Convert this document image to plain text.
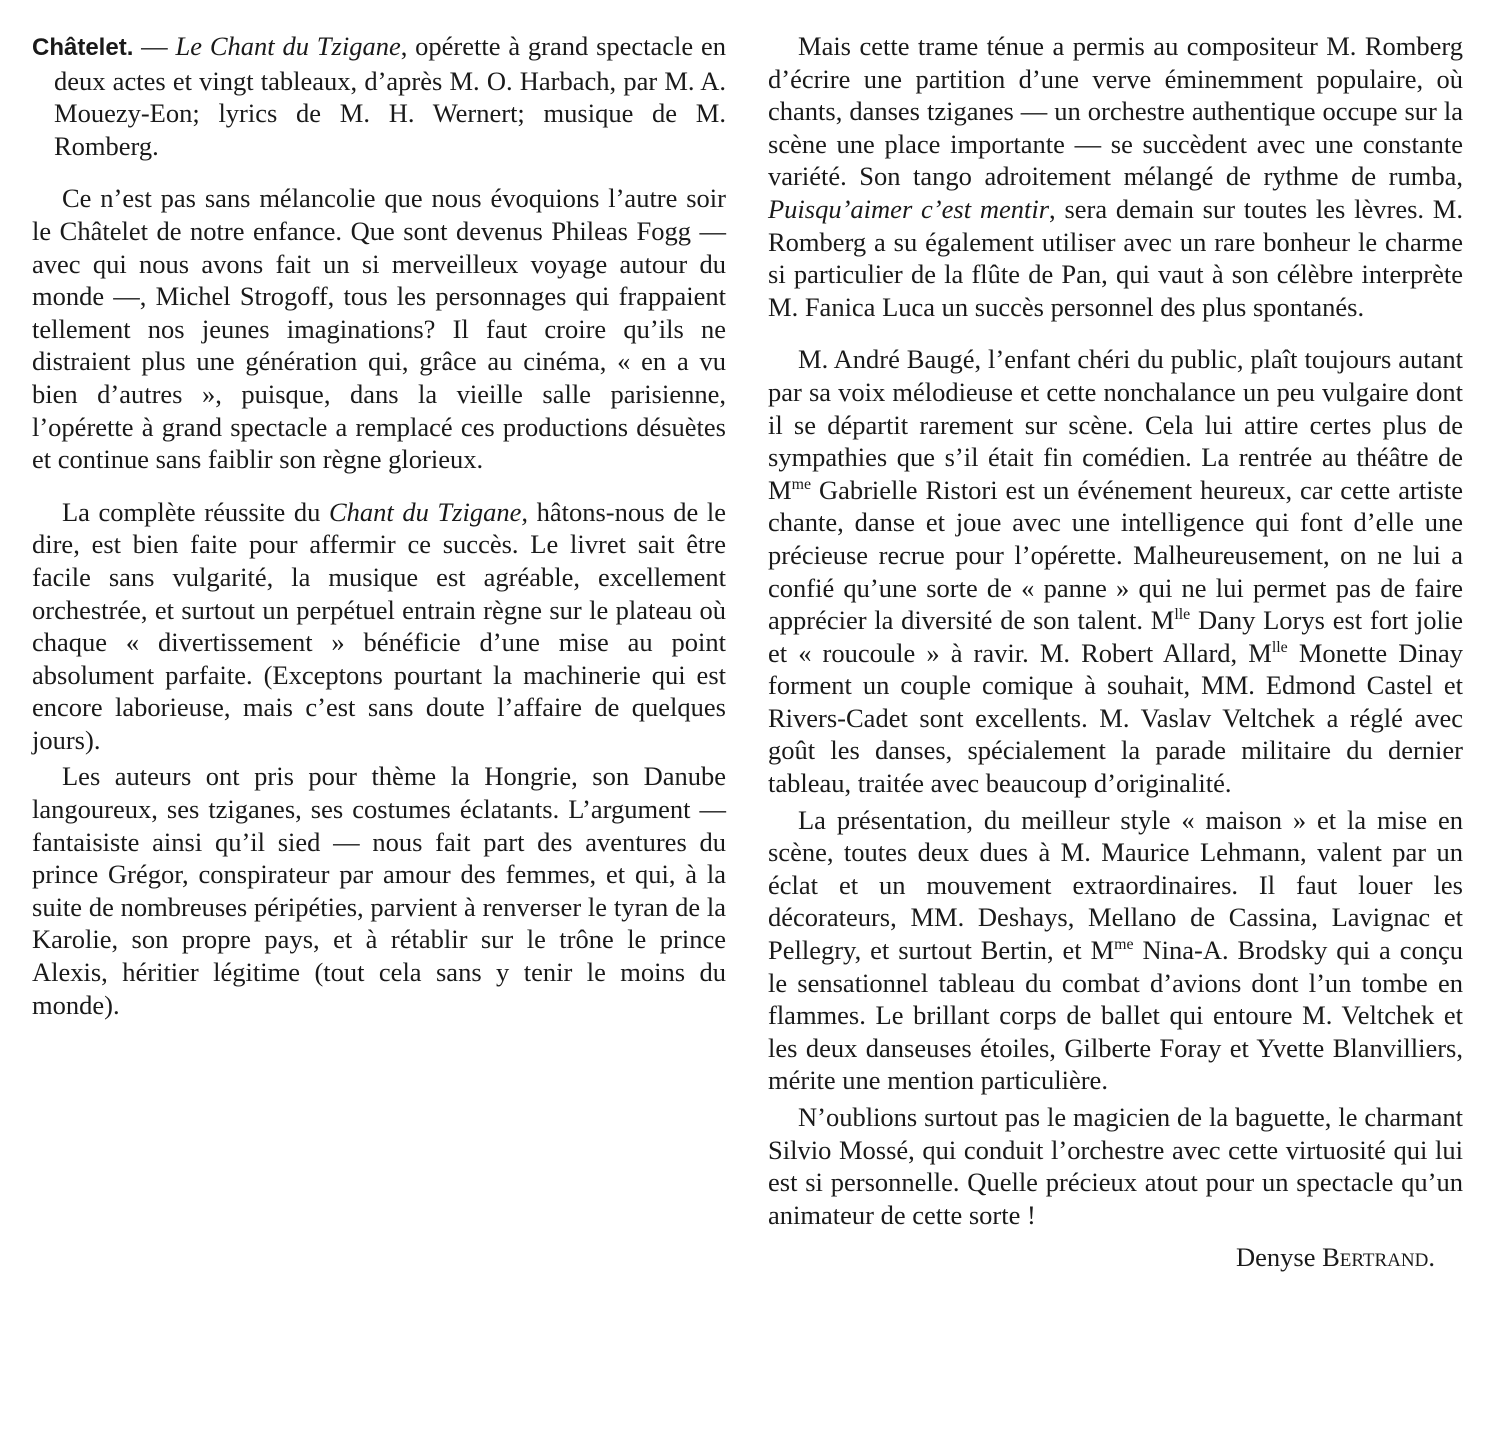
Châtelet. — Le Chant du Tzigane, opérette à grand spectacle en deux actes et vingt tableaux, d’après M. O. Harbach, par M. A. Mouezy-Eon; lyrics de M. H. Wernert; musique de M. Romberg.

Ce n’est pas sans mélancolie que nous évoquions l’autre soir le Châtelet de notre enfance. Que sont devenus Phileas Fogg — avec qui nous avons fait un si merveilleux voyage autour du monde —, Michel Strogoff, tous les personnages qui frappaient tellement nos jeunes imaginations? Il faut croire qu’ils ne distraient plus une génération qui, grâce au cinéma, « en a vu bien d’autres », puisque, dans la vieille salle parisienne, l’opérette à grand spectacle a remplacé ces productions désuètes et continue sans faiblir son règne glorieux.

La complète réussite du Chant du Tzigane, hâtons-nous de le dire, est bien faite pour affermir ce succès. Le livret sait être facile sans vulgarité, la musique est agréable, excellement orchestrée, et surtout un perpétuel entrain règne sur le plateau où chaque « divertissement » bénéficie d’une mise au point absolument parfaite. (Exceptons pourtant la machinerie qui est encore laborieuse, mais c’est sans doute l’affaire de quelques jours).

Les auteurs ont pris pour thème la Hongrie, son Danube langoureux, ses tziganes, ses costumes éclatants. L’argument — fantaisiste ainsi qu’il sied — nous fait part des aventures du prince Grégor, conspirateur par amour des femmes, et qui, à la suite de nombreuses péripéties, parvient à renverser le tyran de la Karolie, son propre pays, et à rétablir sur le trône le prince Alexis, héritier légitime (tout cela sans y tenir le moins du monde).

Mais cette trame ténue a permis au compositeur M. Romberg d’écrire une partition d’une verve éminemment populaire, où chants, danses tziganes — un orchestre authentique occupe sur la scène une place importante — se succèdent avec une constante variété. Son tango adroitement mélangé de rythme de rumba, Puisqu’aimer c’est mentir, sera demain sur toutes les lèvres. M. Romberg a su également utiliser avec un rare bonheur le charme si particulier de la flûte de Pan, qui vaut à son célèbre interprète M. Fanica Luca un succès personnel des plus spontanés.

M. André Baugé, l’enfant chéri du public, plaît toujours autant par sa voix mélodieuse et cette nonchalance un peu vulgaire dont il se départit rarement sur scène. Cela lui attire certes plus de sympathies que s’il était fin comédien. La rentrée au théâtre de $M^{me}$ Gabrielle Ristori est un événement heureux, car cette artiste chante, danse et joue avec une intelligence qui font d’elle une précieuse recrue pour l’opérette. Malheureusement, on ne lui a confié qu’une sorte de « panne » qui ne lui permet pas de faire apprécier la diversité de son talent. $M^{lle}$ Dany Lorys est fort jolie et « roucoule » à ravir. M. Robert Allard, $M^{lle}$ Monette Dinay forment un couple comique à souhait, MM. Edmond Castel et Rivers-Cadet sont excellents. M. Vaslav Veltchek a réglé avec goût les danses, spécialement la parade militaire du dernier tableau, traitée avec beaucoup d’originalité.

La présentation, du meilleur style « maison » et la mise en scène, toutes deux dues à M. Maurice Lehmann, valent par un éclat et un mouvement extraordinaires. Il faut louer les décorateurs, MM. Deshays, Mellano de Cassina, Lavignac et Pellegry, et surtout Bertin, et $M^{me}$ Nina-A. Brodsky qui a conçu le sensationnel tableau du combat d’avions dont l’un tombe en flammes. Le brillant corps de ballet qui entoure M. Veltchek et les deux danseuses étoiles, Gilberte Foray et Yvette Blanvilliers, mérite une mention particulière.

N’oublions surtout pas le magicien de la baguette, le charmant Silvio Mossé, qui conduit l’orchestre avec cette virtuosité qui lui est si personnelle. Quelle précieux atout pour un spectacle qu’un animateur de cette sorte !

Denyse Bertrand.
